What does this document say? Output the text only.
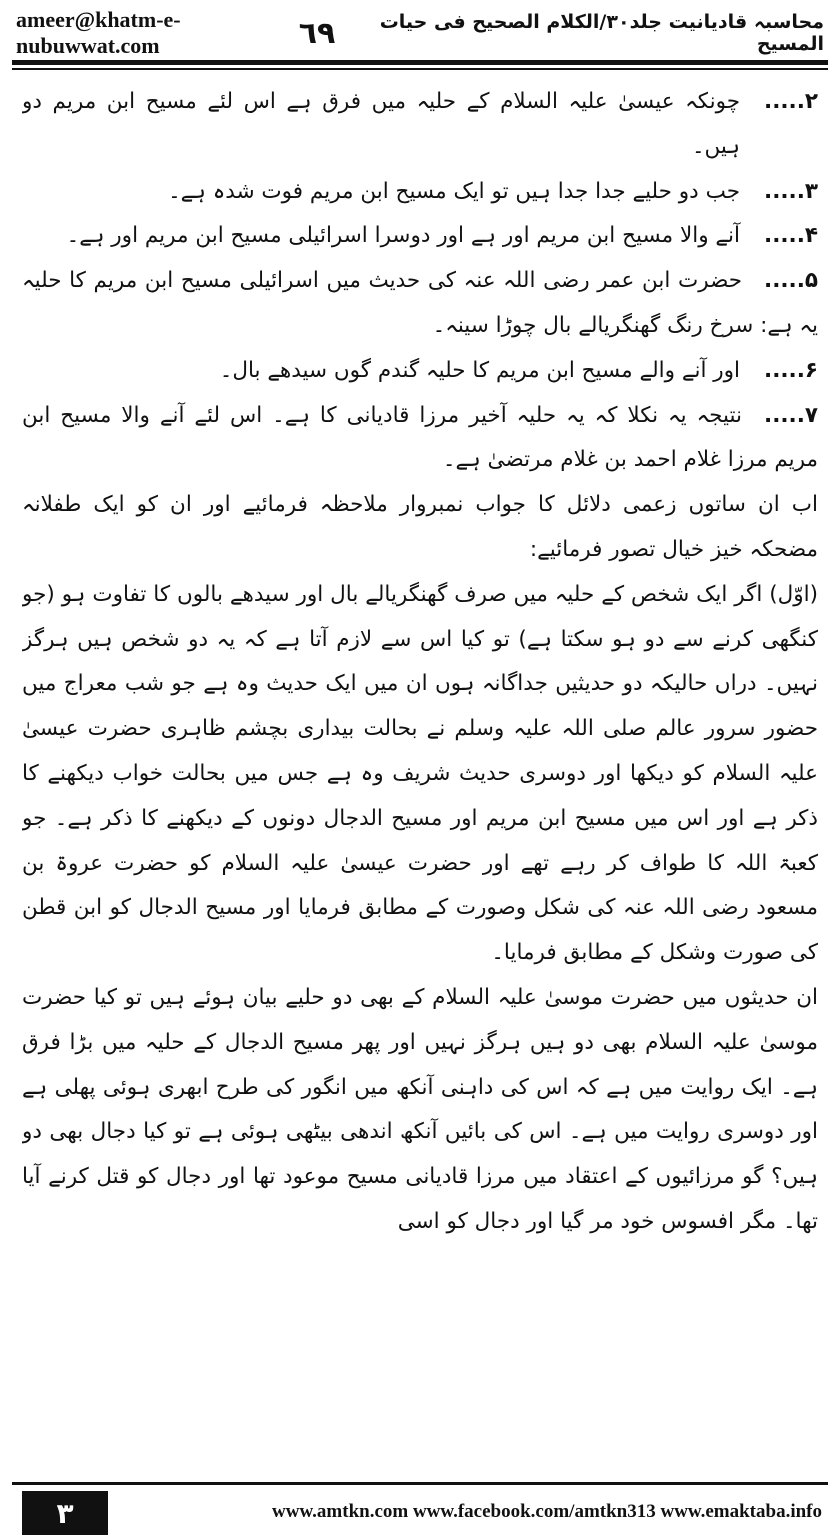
ameer@khatm-e-nubuwwat.com
محاسبہ قادیانیت جلد۳۰/الکلام الصحیح فی حیات المسیح
٦٩
۲.....
چونکہ عیسیٰ علیہ السلام کے حلیہ میں فرق ہے اس لئے مسیح ابن مریم دو ہیں۔
۳.....
جب دو حلیے جدا جدا ہیں تو ایک مسیح ابن مریم فوت شدہ ہے۔
۴.....
آنے والا مسیح ابن مریم اور ہے اور دوسرا اسرائیلی مسیح ابن مریم اور ہے۔

۵.....حضرت ابن عمر رضی اللہ عنہ کی حدیث میں اسرائیلی مسیح ابن مریم کا حلیہ یہ ہے: سرخ رنگ گھنگریالے بال چوڑا سینہ۔

۶.....
اور آنے والے مسیح ابن مریم کا حلیہ گندم گوں سیدھے بال۔

۷.....نتیجہ یہ نکلا کہ یہ حلیہ آخیر مرزا قادیانی کا ہے۔ اس لئے آنے والا مسیح ابن مریم مرزا غلام احمد بن غلام مرتضیٰ ہے۔

اب ان ساتوں زعمی دلائل کا جواب نمبروار ملاحظہ فرمائیے اور ان کو ایک طفلانہ مضحکہ خیز خیال تصور فرمائیے:

(اوّل) اگر ایک شخص کے حلیہ میں صرف گھنگریالے بال اور سیدھے بالوں کا تفاوت ہو (جو کنگھی کرنے سے دو ہو سکتا ہے) تو کیا اس سے لازم آتا ہے کہ یہ دو شخص ہیں ہرگز نہیں۔ دراں حالیکہ دو حدیثیں جداگانہ ہوں ان میں ایک حدیث وہ ہے جو شب معراج میں حضور سرور عالم صلی اللہ علیہ وسلم نے بحالت بیداری بچشم ظاہری حضرت عیسیٰ علیہ السلام کو دیکھا اور دوسری حدیث شریف وہ ہے جس میں بحالت خواب دیکھنے کا ذکر ہے اور اس میں مسیح ابن مریم اور مسیح الدجال دونوں کے دیکھنے کا ذکر ہے۔ جو کعبۃ اللہ کا طواف کر رہے تھے اور حضرت عیسیٰ علیہ السلام کو حضرت عروۃ بن مسعود رضی اللہ عنہ کی شکل وصورت کے مطابق فرمایا اور مسیح الدجال کو ابن قطن کی صورت وشکل کے مطابق فرمایا۔

ان حدیثوں میں حضرت موسیٰ علیہ السلام کے بھی دو حلیے بیان ہوئے ہیں تو کیا حضرت موسیٰ علیہ السلام بھی دو ہیں ہرگز نہیں اور پھر مسیح الدجال کے حلیہ میں بڑا فرق ہے۔ ایک روایت میں ہے کہ اس کی داہنی آنکھ میں انگور کی طرح ابھری ہوئی پھلی ہے اور دوسری روایت میں ہے۔ اس کی بائیں آنکھ اندھی بیٹھی ہوئی ہے تو کیا دجال بھی دو ہیں؟ گو مرزائیوں کے اعتقاد میں مرزا قادیانی مسیح موعود تھا اور دجال کو قتل کرنے آیا تھا۔ مگر افسوس خود مر گیا اور دجال کو اسی

۳	www.amtkn.com www.facebook.com/amtkn313 www.emaktaba.info
